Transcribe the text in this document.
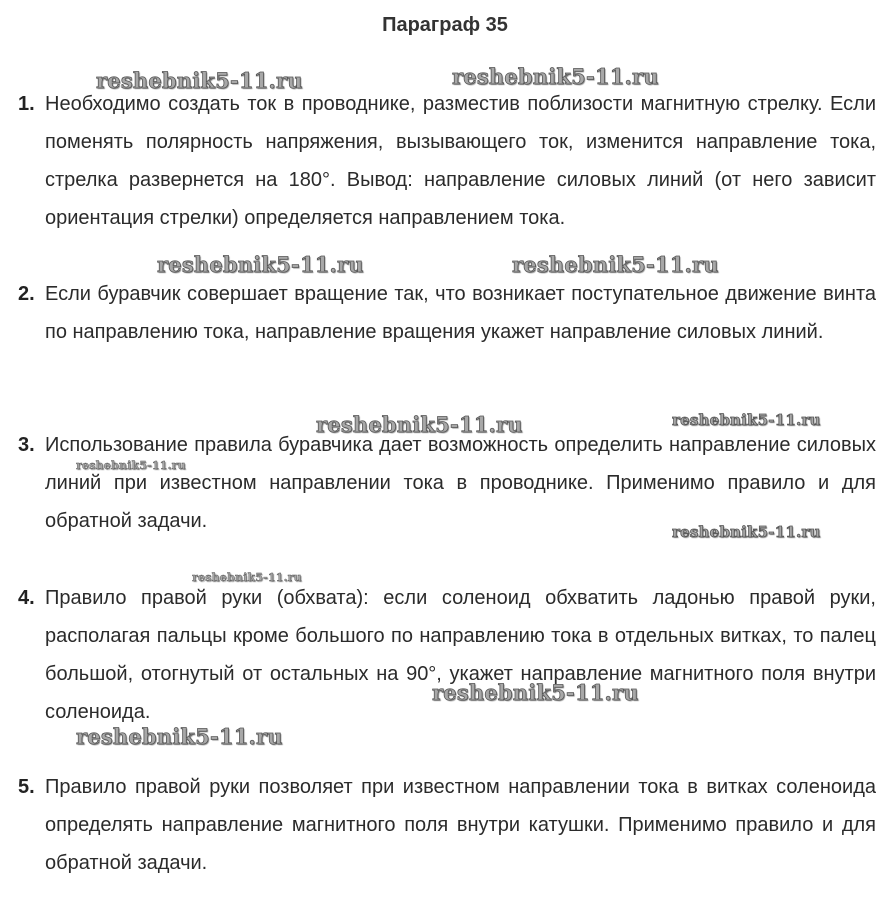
Параграф 35
1. Необходимо создать ток в проводнике, разместив поблизости магнитную стрелку. Если поменять полярность напряжения, вызывающего ток, изменится направление тока, стрелка развернется на 180°. Вывод: направление силовых линий (от него зависит ориентация стрелки) определяется направлением тока.
2. Если буравчик совершает вращение так, что возникает поступательное движение винта по направлению тока, направление вращения укажет направление силовых линий.
3. Использование правила буравчика дает возможность определить направление силовых линий при известном направлении тока в проводнике. Применимо правило и для обратной задачи.
4. Правило правой руки (обхвата): если соленоид обхватить ладонью правой руки, располагая пальцы кроме большого по направлению тока в отдельных витках, то палец большой, отогнутый от остальных на 90°, укажет направление магнитного поля внутри соленоида.
5. Правило правой руки позволяет при известном направлении тока в витках соленоида определять направление магнитного поля внутри катушки. Применимо правило и для обратной задачи.
reshebnik5-11.ru	reshebnik5-11.ru
reshebnik5-11.ru	reshebnik5-11.ru
reshebnik5-11.ru	reshebnik5-11.ru
reshebnik5-11.ru
reshebnik5-11.ru
reshebnik5-11.ru
reshebnik5-11.ru
reshebnik5-11.ru
